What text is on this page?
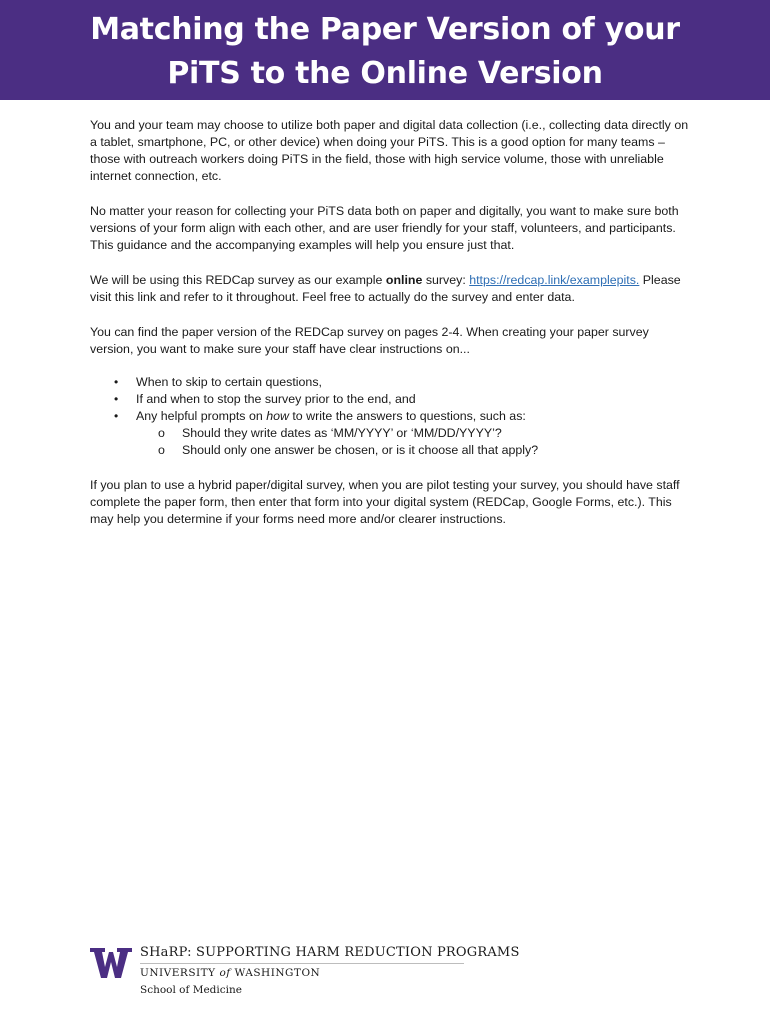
Matching the Paper Version of your
PiTS to the Online Version

You and your team may choose to utilize both paper and digital data collection (i.e., collecting data directly on a tablet, smartphone, PC, or other device) when doing your PiTS. This is a good option for many teams – those with outreach workers doing PiTS in the field, those with high service volume, those with unreliable internet connection, etc.

No matter your reason for collecting your PiTS data both on paper and digitally, you want to make sure both versions of your form align with each other, and are user friendly for your staff, volunteers, and participants. This guidance and the accompanying examples will help you ensure just that.

We will be using this REDCap survey as our example online survey: https://redcap.link/examplepits. Please visit this link and refer to it throughout. Feel free to actually do the survey and enter data.

You can find the paper version of the REDCap survey on pages 2-4. When creating your paper survey version, you want to make sure your staff have clear instructions on...

• When to skip to certain questions,
• If and when to stop the survey prior to the end, and
• Any helpful prompts on how to write the answers to questions, such as:
o Should they write dates as ‘MM/YYYY’ or ‘MM/DD/YYYY’?
o Should only one answer be chosen, or is it choose all that apply?

If you plan to use a hybrid paper/digital survey, when you are pilot testing your survey, you should have staff complete the paper form, then enter that form into your digital system (REDCap, Google Forms, etc.). This may help you determine if your forms need more and/or clearer instructions.

SHaRP: SUPPORTING HARM REDUCTION PROGRAMS
UNIVERSITY of WASHINGTON
School of Medicine
